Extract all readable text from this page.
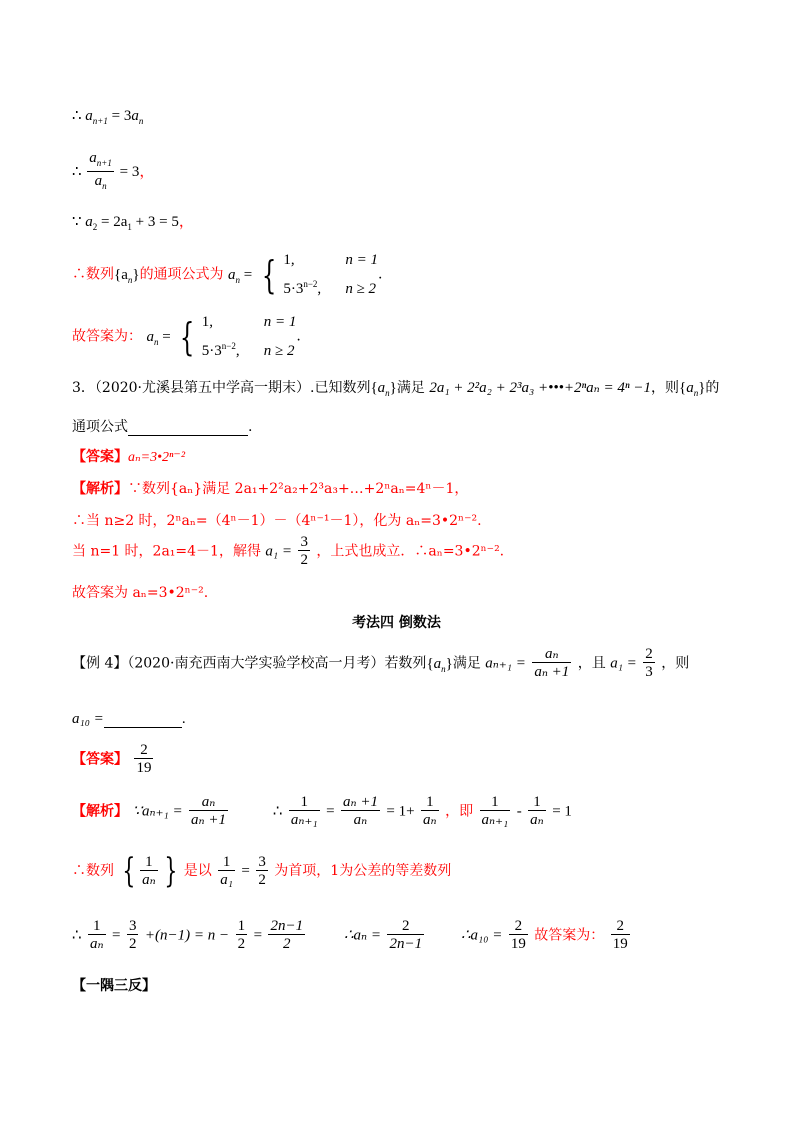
∴ $a_{n+1} = 3a_n$
∴ $\frac{a_{n+1}}{a_n} = 3$，
∵ $a_2 = 2a_1 + 3 = 5$，
∴数列$\{a_n\}$的通项公式为 $a_n$ = { 1,	n = 1
$5\cdot 3^{n-2}$, n ≥ 2
.
故答案为： $a_n$ = { 1,	n = 1
$5\cdot 3^{n-2}$, n ≥ 2
.
3．（2020·尤溪县第五中学高一期末）.已知数列$\{a_n\}$满足 2a₁ + 2²a₂ + 2³a₃ +•••+2ⁿaₙ = 4ⁿ −1，则$\{a_n\}$的
通项公式	.
【答案】aₙ=3•2ⁿ⁻²
【解析】∵数列{aₙ}满足 2a₁+2²a₂+2³a₃+…+2ⁿaₙ=4ⁿ－1，
∴当 n≥2 时，2ⁿaₙ=（4ⁿ－1）－（4ⁿ⁻¹－1），化为 aₙ=3•2ⁿ⁻².
当 n=1 时，2a₁=4－1，解得 $a_1 = \frac{3}{2}$ ，上式也成立．∴aₙ=3•2ⁿ⁻².
故答案为 aₙ=3•2ⁿ⁻².
考法四 倒数法
【例 4】（2020·南充西南大学实验学校高一月考）若数列$\{a_n\}$满足 $a_{n+1} = \frac{\text{aₙ}}{\text{aₙ +1}}$ ，且 $a_1 = \frac{2}{3}$ ，则
a₁₀ =	.
【答案】 $\frac{2}{19}$
【解析】 ∵aₙ₊₁ = $\frac{\text{aₙ}}{\text{aₙ +1}}$	∴ $\frac{1}{\text{aₙ₊₁}} = \frac{\text{aₙ +1}}{\text{aₙ}} = 1+ \frac{1}{\text{aₙ}}$ ，即 $\frac{1}{\text{aₙ₊₁}} - \frac{1}{\text{aₙ}} = 1$
∴数列 { $\frac{1}{\text{aₙ}}$ } 是以 $\frac{1}{\text{a₁}} = \frac{3}{2}$ 为首项，1为公差的等差数列
∴ $\frac{1}{\text{aₙ}} = \frac{3}{2} +(n-1) = n - \frac{1}{2} = \frac{2n-1}{2}$	∴aₙ = $\frac{2}{2n-1}$ ∴a₁₀ = $\frac{2}{19}$ 故答案为： $\frac{2}{19}$
【一隅三反】
